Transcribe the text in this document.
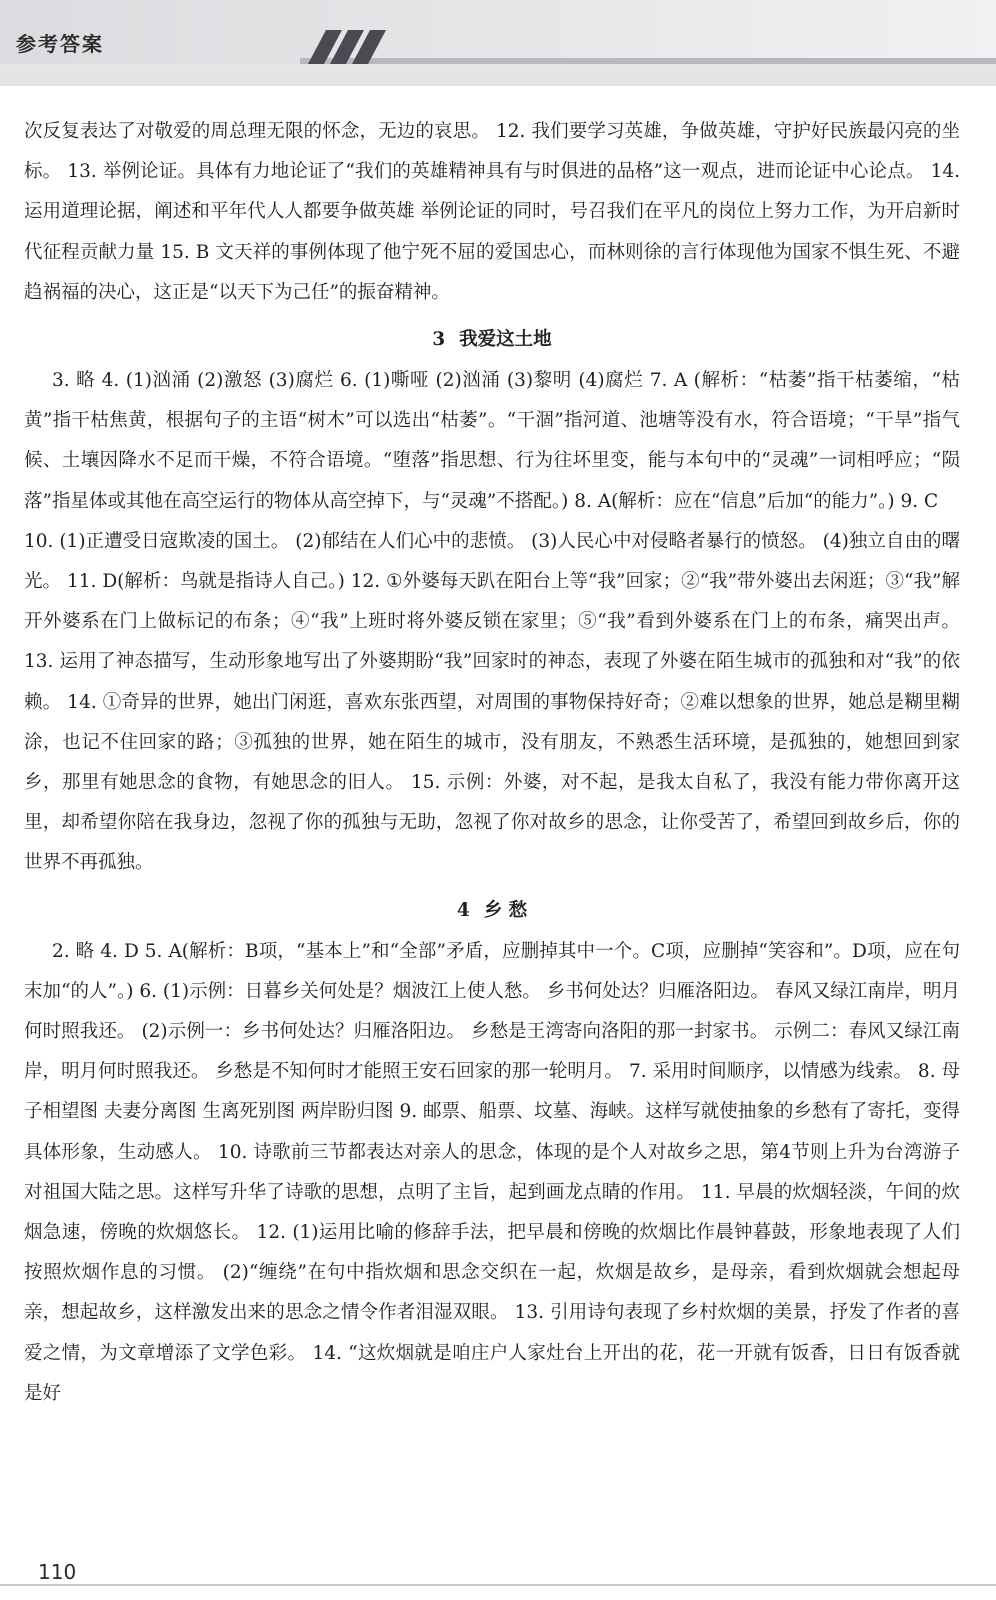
参考答案

次反复表达了对敬爱的周总理无限的怀念，无边的哀思。 12. 我们要学习英雄，争做英雄，守护好民族最闪亮的坐标。 13. 举例论证。具体有力地论证了“我们的英雄精神具有与时俱进的品格”这一观点，进而论证中心论点。 14. 运用道理论据，阐述和平年代人人都要争做英雄 举例论证的同时，号召我们在平凡的岗位上努力工作，为开启新时代征程贡献力量 15. B 文天祥的事例体现了他宁死不屈的爱国忠心，而林则徐的言行体现他为国家不惧生死、不避趋祸福的决心，这正是“以天下为己任”的振奋精神。

3 我爱这土地

3. 略 4. (1)汹涌 (2)激怒 (3)腐烂 6. (1)嘶哑 (2)汹涌 (3)黎明 (4)腐烂 7. A (解析：“枯萎”指干枯萎缩，“枯黄”指干枯焦黄，根据句子的主语“树木”可以选出“枯萎”。“干涸”指河道、池塘等没有水，符合语境；“干旱”指气候、土壤因降水不足而干燥，不符合语境。“堕落”指思想、行为往坏里变，能与本句中的“灵魂”一词相呼应；“陨落”指星体或其他在高空运行的物体从高空掉下，与“灵魂”不搭配。) 8. A(解析：应在“信息”后加“的能力”。) 9. C

10. (1)正遭受日寇欺凌的国土。 (2)郁结在人们心中的悲愤。 (3)人民心中对侵略者暴行的愤怒。 (4)独立自由的曙光。 11. D(解析：鸟就是指诗人自己。) 12. ①外婆每天趴在阳台上等“我”回家；②“我”带外婆出去闲逛；③“我”解开外婆系在门上做标记的布条；④“我”上班时将外婆反锁在家里；⑤“我”看到外婆系在门上的布条，痛哭出声。 13. 运用了神态描写，生动形象地写出了外婆期盼“我”回家时的神态，表现了外婆在陌生城市的孤独和对“我”的依赖。 14. ①奇异的世界，她出门闲逛，喜欢东张西望，对周围的事物保持好奇；②难以想象的世界，她总是糊里糊涂，也记不住回家的路；③孤独的世界，她在陌生的城市，没有朋友，不熟悉生活环境，是孤独的，她想回到家乡，那里有她思念的食物，有她思念的旧人。 15. 示例：外婆，对不起，是我太自私了，我没有能力带你离开这里，却希望你陪在我身边，忽视了你的孤独与无助，忽视了你对故乡的思念，让你受苦了，希望回到故乡后，你的世界不再孤独。

4 乡 愁

2. 略 4. D 5. A(解析：B项，“基本上”和“全部”矛盾，应删掉其中一个。C项，应删掉“笑容和”。D项，应在句末加“的人”。) 6. (1)示例：日暮乡关何处是？烟波江上使人愁。 乡书何处达？归雁洛阳边。 春风又绿江南岸，明月何时照我还。 (2)示例一：乡书何处达？归雁洛阳边。 乡愁是王湾寄向洛阳的那一封家书。 示例二：春风又绿江南岸，明月何时照我还。 乡愁是不知何时才能照王安石回家的那一轮明月。 7. 采用时间顺序，以情感为线索。 8. 母子相望图 夫妻分离图 生离死别图 两岸盼归图 9. 邮票、船票、坟墓、海峡。这样写就使抽象的乡愁有了寄托，变得具体形象，生动感人。 10. 诗歌前三节都表达对亲人的思念，体现的是个人对故乡之思，第4节则上升为台湾游子对祖国大陆之思。这样写升华了诗歌的思想，点明了主旨，起到画龙点睛的作用。 11. 早晨的炊烟轻淡，午间的炊烟急速，傍晚的炊烟悠长。 12. (1)运用比喻的修辞手法，把早晨和傍晚的炊烟比作晨钟暮鼓，形象地表现了人们按照炊烟作息的习惯。 (2)“缠绕”在句中指炊烟和思念交织在一起，炊烟是故乡，是母亲，看到炊烟就会想起母亲，想起故乡，这样激发出来的思念之情令作者泪湿双眼。 13. 引用诗句表现了乡村炊烟的美景，抒发了作者的喜爱之情，为文章增添了文学色彩。 14. “这炊烟就是咱庄户人家灶台上开出的花，花一开就有饭香，日日有饭香就是好

110
